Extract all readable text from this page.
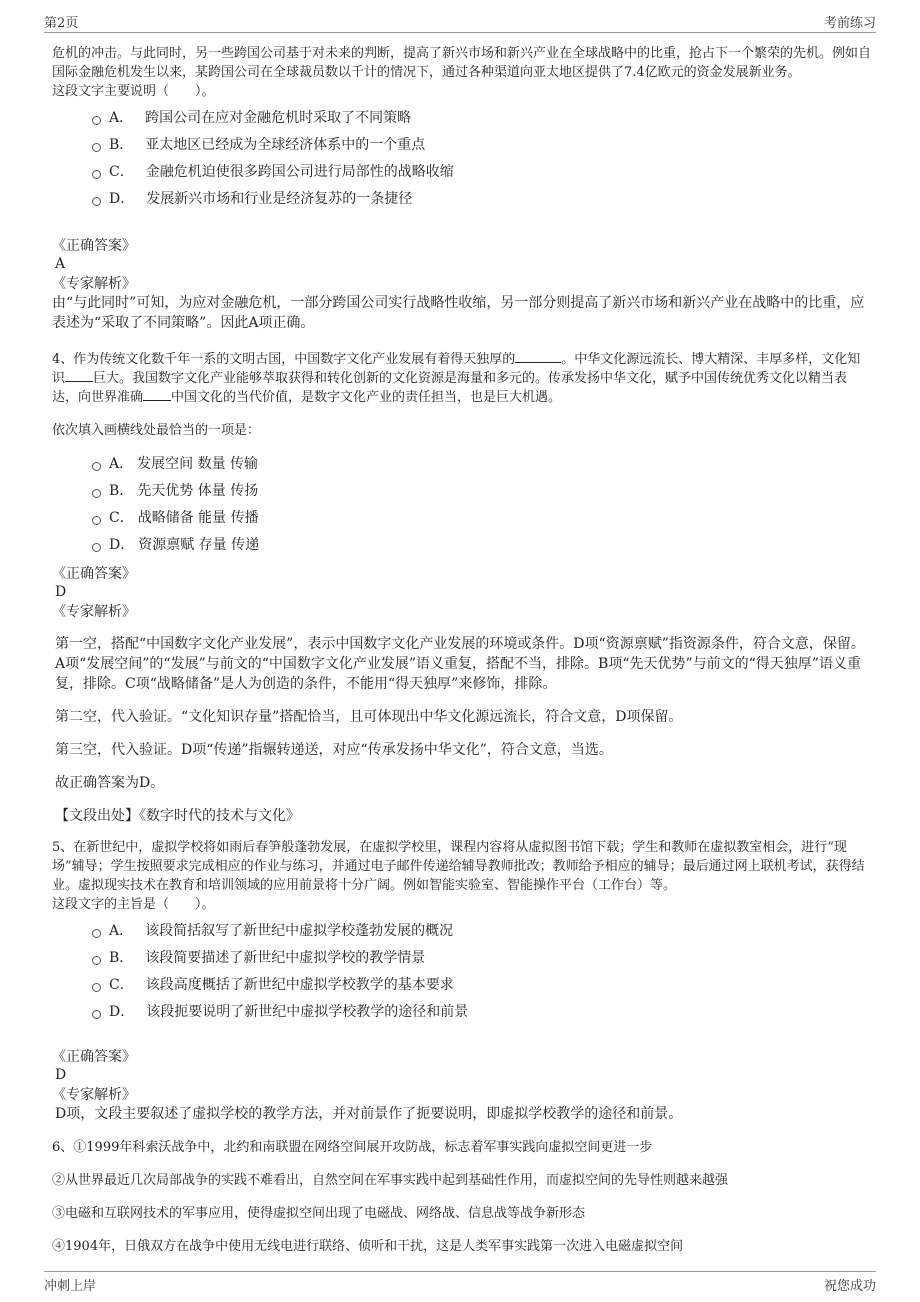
第2页	考前练习

危机的冲击。与此同时，另一些跨国公司基于对未来的判断，提高了新兴市场和新兴产业在全球战略中的比重，抢占下一个繁荣的先机。例如自国际金融危机发生以来，某跨国公司在全球裁员数以千计的情况下，通过各种渠道向亚太地区提供了7.4亿欧元的资金发展新业务。

这段文字主要说明（　　）。

A． 跨国公司在应对金融危机时采取了不同策略
B． 亚太地区已经成为全球经济体系中的一个重点
C． 金融危机迫使很多跨国公司进行局部性的战略收缩
D． 发展新兴市场和行业是经济复苏的一条捷径

《正确答案》

A

《专家解析》

由“与此同时”可知，为应对金融危机，一部分跨国公司实行战略性收缩，另一部分则提高了新兴市场和新兴产业在战略中的比重，应表述为“采取了不同策略”。因此A项正确。

4、作为传统文化数千年一系的文明古国，中国数字文化产业发展有着得天独厚的	。中华文化源远流长、博大精深、丰厚多样，文化知识 巨大。我国数字文化产业能够萃取获得和转化创新的文化资源是海量和多元的。传承发扬中华文化，赋予中国传统优秀文化以精当表达，向世界准确 中国文化的当代价值，是数字文化产业的责任担当，也是巨大机遇。

依次填入画横线处最恰当的一项是：

A． 发展空间 数量 传输
B． 先天优势 体量 传扬
C． 战略储备 能量 传播
D． 资源禀赋 存量 传递

《正确答案》

D

《专家解析》

第一空，搭配“中国数字文化产业发展”，表示中国数字文化产业发展的环境或条件。D项“资源禀赋”指资源条件，符合文意，保留。A项“发展空间”的“发展”与前文的“中国数字文化产业发展”语义重复，搭配不当，排除。B项“先天优势”与前文的“得天独厚”语义重复，排除。C项“战略储备”是人为创造的条件，不能用“得天独厚”来修饰，排除。

第二空，代入验证。“文化知识存量”搭配恰当，且可体现出中华文化源远流长，符合文意，D项保留。

第三空，代入验证。D项“传递”指辗转递送，对应“传承发扬中华文化”，符合文意，当选。

故正确答案为D。

【文段出处】《数字时代的技术与文化》

5、在新世纪中，虚拟学校将如雨后春笋般蓬勃发展，在虚拟学校里，课程内容将从虚拟图书馆下载；学生和教师在虚拟教室相会，进行“现场”辅导；学生按照要求完成相应的作业与练习，并通过电子邮件传递给辅导教师批改；教师给予相应的辅导；最后通过网上联机考试，获得结业。虚拟现实技术在教育和培训领域的应用前景将十分广阔。例如智能实验室、智能操作平台（工作台）等。

这段文字的主旨是（　　）。

A． 该段简括叙写了新世纪中虚拟学校蓬勃发展的概况
B． 该段简要描述了新世纪中虚拟学校的教学情景
C． 该段高度概括了新世纪中虚拟学校教学的基本要求
D． 该段扼要说明了新世纪中虚拟学校教学的途径和前景

《正确答案》

D

《专家解析》

D项，文段主要叙述了虚拟学校的教学方法，并对前景作了扼要说明，即虚拟学校教学的途径和前景。

6、①1999年科索沃战争中，北约和南联盟在网络空间展开攻防战，标志着军事实践向虚拟空间更进一步

②从世界最近几次局部战争的实践不难看出，自然空间在军事实践中起到基础性作用，而虚拟空间的先导性则越来越强

③电磁和互联网技术的军事应用，使得虚拟空间出现了电磁战、网络战、信息战等战争新形态

④1904年，日俄双方在战争中使用无线电进行联络、侦听和干扰，这是人类军事实践第一次进入电磁虚拟空间

冲刺上岸	祝您成功
